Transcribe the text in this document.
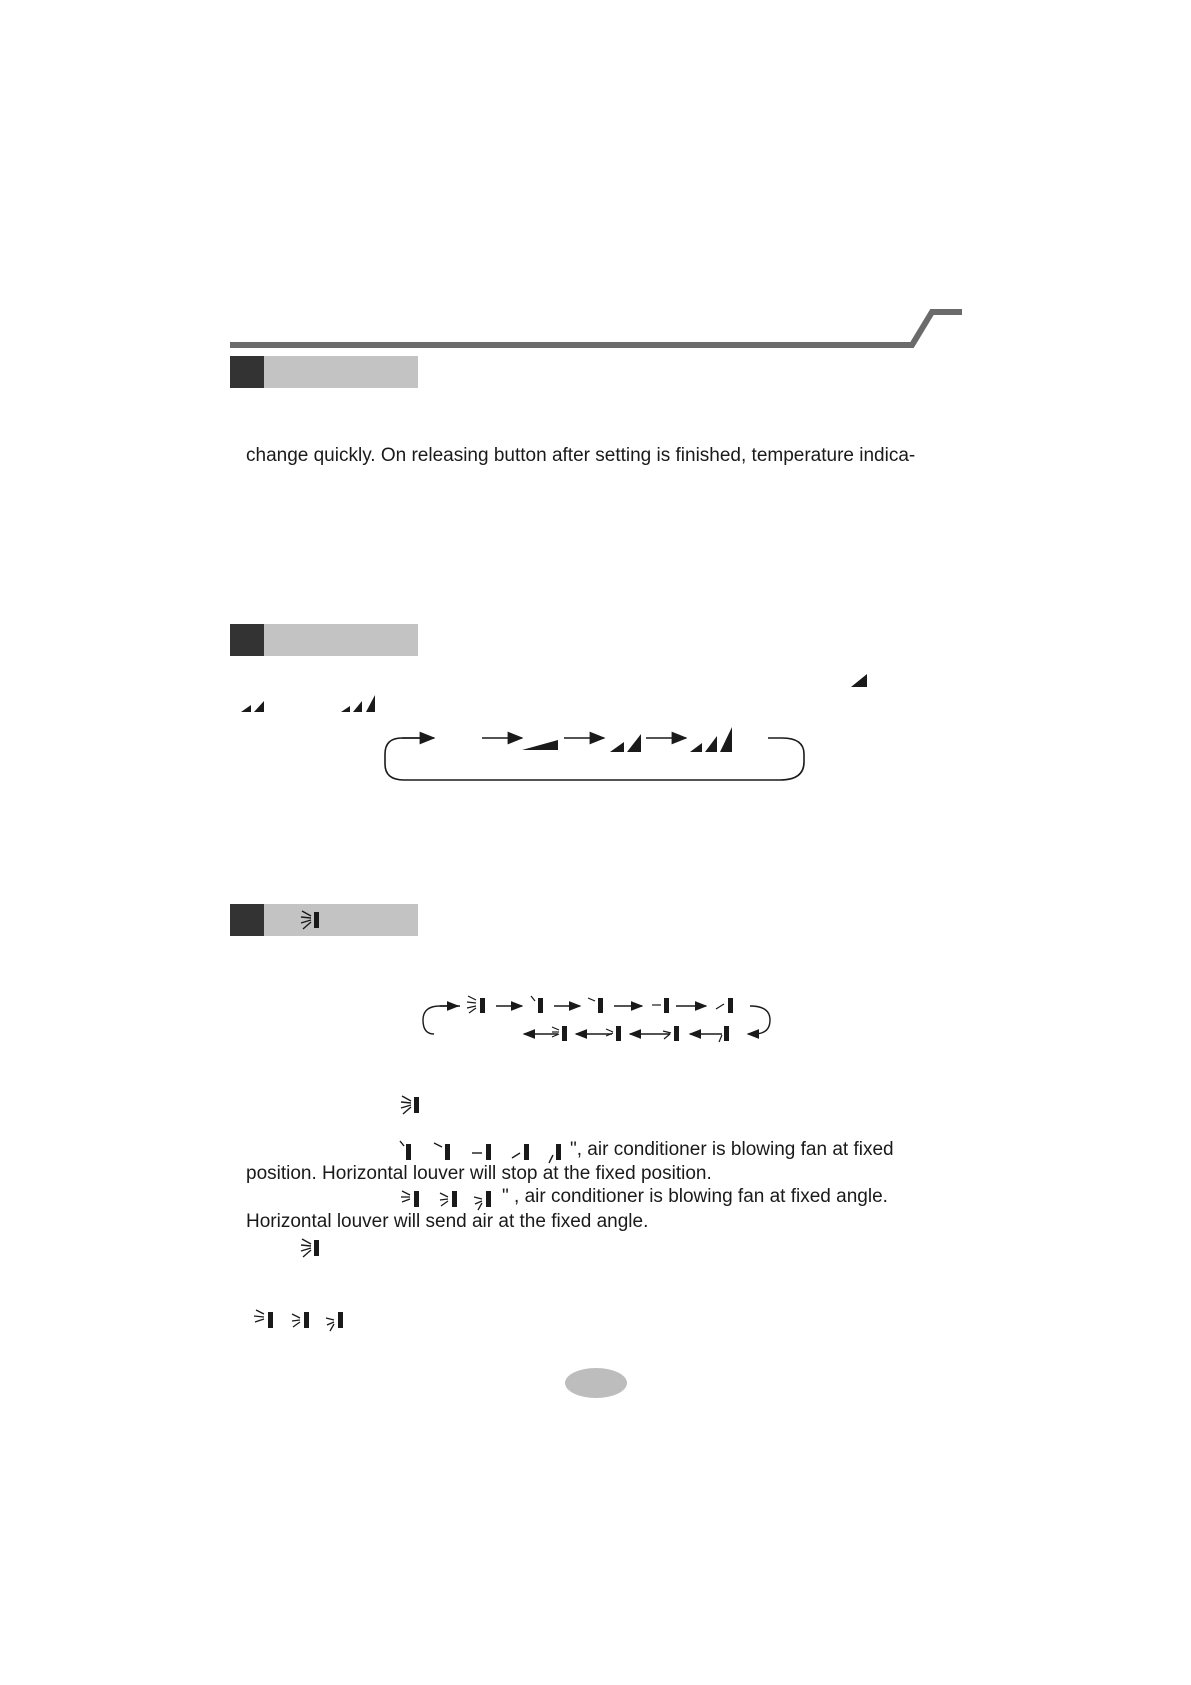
change quickly. On releasing button after setting is finished, temperature indica-
", air conditioner is blowing fan at fixed
position. Horizontal louver will stop at the fixed position.
" , air conditioner is blowing fan at fixed angle.
Horizontal louver will send air at the fixed angle.
